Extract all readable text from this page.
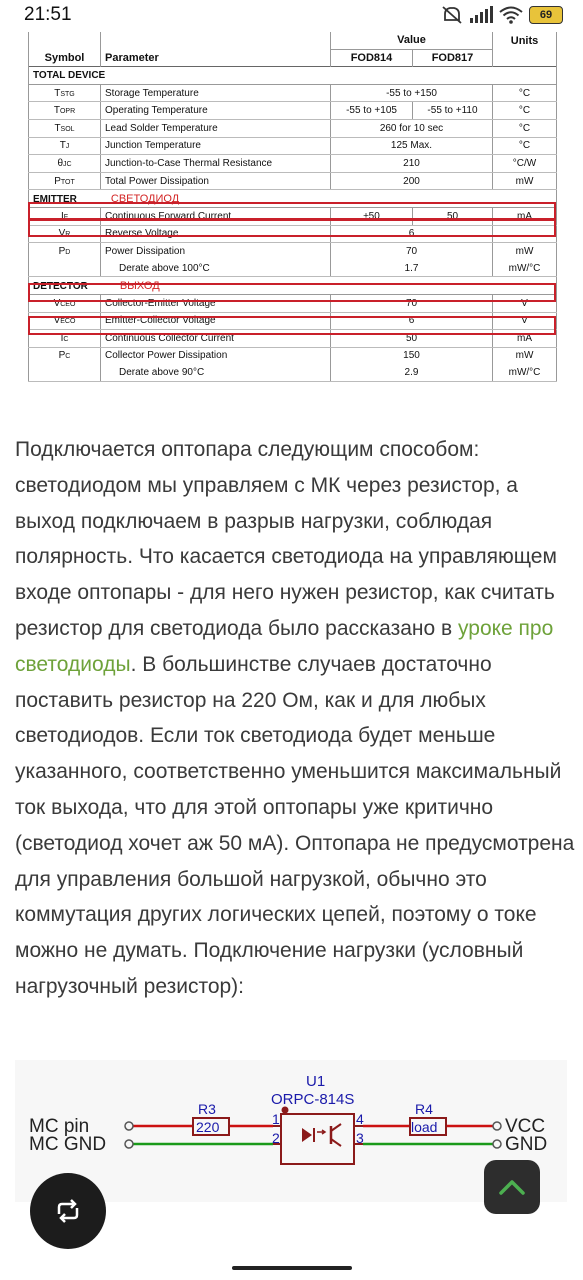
21:51	69
		Value		Units
Symbol	Parameter	FOD814	FOD817	
TOTAL DEVICE				
TSTG	Storage Temperature	-55 to +150		°C
TOPR	Operating Temperature	-55 to +105	-55 to +110	°C
TSOL	Lead Solder Temperature	260 for 10 sec		°C
TJ	Junction Temperature	125 Max.		°C
θJC	Junction-to-Case Thermal Resistance	210		°C/W
PTOT	Total Power Dissipation	200		mW
EMITTER СВЕТОДИОД				
IF	Continuous Forward Current	±50	50	mA
VR	Reverse Voltage	6		
PD	Power Dissipation	70		mW
	Derate above 100°C	1.7		mW/°C
DETECTOR ВЫХОД				
VCEO	Collector-Emitter Voltage	70		V
VECO	Emitter-Collector Voltage	6		V
IC	Continuous Collector Current	50		mA
PC	Collector Power Dissipation	150		mW
	Derate above 90°C	2.9		mW/°C
Подключается оптопара следующим способом: светодиодом мы управляем с МК через резистор, а выход подключаем в разрыв нагрузки, соблюдая полярность. Что касается светодиода на управляющем входе оптопары - для него нужен резистор, как считать резистор для светодиода было рассказано в уроке про светодиоды. В большинстве случаев достаточно поставить резистор на 220 Ом, как и для любых светодиодов. Если ток светодиода будет меньше указанного, соответственно уменьшится максимальный ток выхода, что для этой оптопары уже критично (светодиод хочет аж 50 мА). Оптопара не предусмотрена для управления большой нагрузкой, обычно это коммутация других логических цепей, поэтому о токе можно не думать. Подключение нагрузки (условный нагрузочный резистор):
MC pin
MC GND
VCC
GND
R3
220
R4
load
U1
ORPC-814S
1
2
4
3
